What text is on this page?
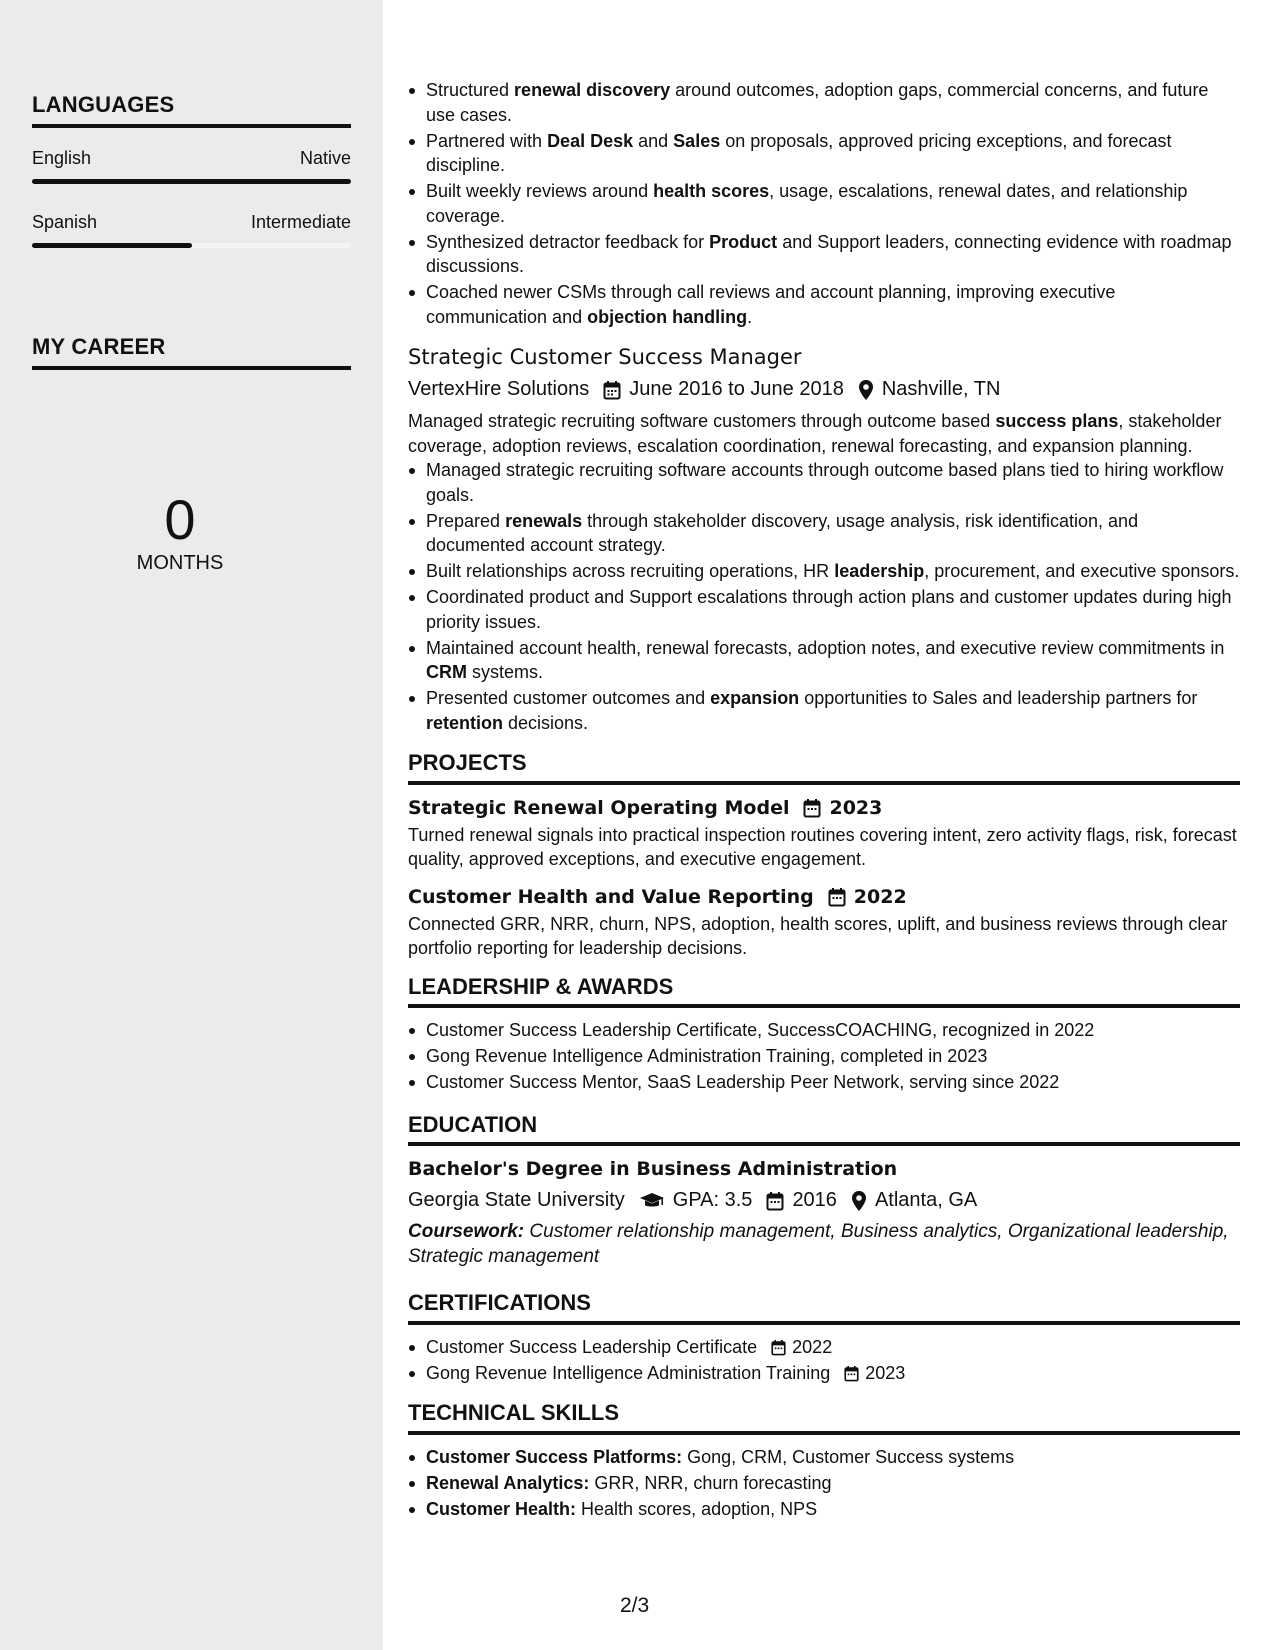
LANGUAGES
English	Native
Spanish	Intermediate
MY CAREER
0
MONTHS
Structured renewal discovery around outcomes, adoption gaps, commercial concerns, and future use cases.
Partnered with Deal Desk and Sales on proposals, approved pricing exceptions, and forecast discipline.
Built weekly reviews around health scores, usage, escalations, renewal dates, and relationship coverage.
Synthesized detractor feedback for Product and Support leaders, connecting evidence with roadmap discussions.
Coached newer CSMs through call reviews and account planning, improving executive communication and objection handling.
Strategic Customer Success Manager
VertexHire Solutions June 2016 to June 2018 Nashville, TN
Managed strategic recruiting software customers through outcome based success plans, stakeholder coverage, adoption reviews, escalation coordination, renewal forecasting, and expansion planning.
Managed strategic recruiting software accounts through outcome based plans tied to hiring workflow goals.
Prepared renewals through stakeholder discovery, usage analysis, risk identification, and documented account strategy.
Built relationships across recruiting operations, HR leadership, procurement, and executive sponsors.
Coordinated product and Support escalations through action plans and customer updates during high priority issues.
Maintained account health, renewal forecasts, adoption notes, and executive review commitments in CRM systems.
Presented customer outcomes and expansion opportunities to Sales and leadership partners for retention decisions.
PROJECTS
Strategic Renewal Operating Model 2023
Turned renewal signals into practical inspection routines covering intent, zero activity flags, risk, forecast quality, approved exceptions, and executive engagement.
Customer Health and Value Reporting 2022
Connected GRR, NRR, churn, NPS, adoption, health scores, uplift, and business reviews through clear portfolio reporting for leadership decisions.
LEADERSHIP & AWARDS
Customer Success Leadership Certificate, SuccessCOACHING, recognized in 2022
Gong Revenue Intelligence Administration Training, completed in 2023
Customer Success Mentor, SaaS Leadership Peer Network, serving since 2022
EDUCATION
Bachelor's Degree in Business Administration
Georgia State University GPA: 3.5 2016 Atlanta, GA
Coursework: Customer relationship management, Business analytics, Organizational leadership, Strategic management
CERTIFICATIONS
Customer Success Leadership Certificate 2022
Gong Revenue Intelligence Administration Training 2023
TECHNICAL SKILLS
Customer Success Platforms: Gong, CRM, Customer Success systems
Renewal Analytics: GRR, NRR, churn forecasting
Customer Health: Health scores, adoption, NPS
2/3
